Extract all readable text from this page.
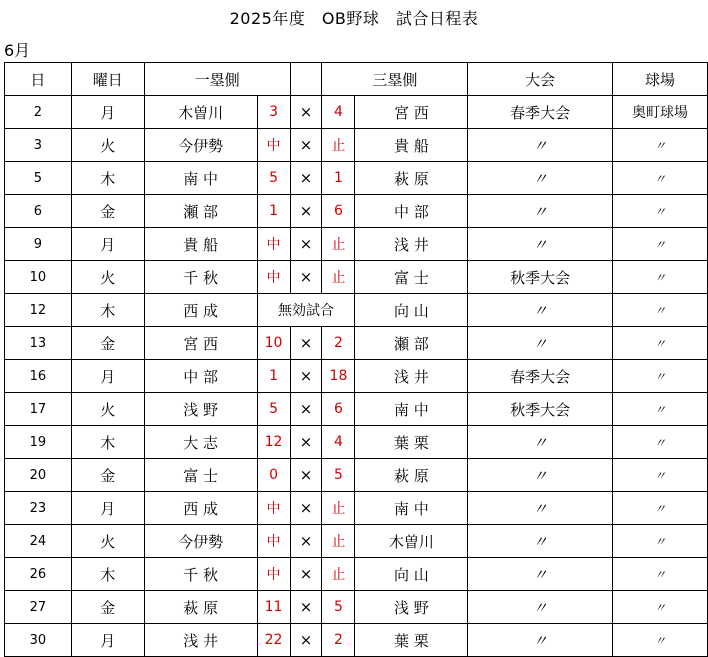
2025年度　OB野球　試合日程表
6月
日	曜日	一塁側			三塁側		大会	球場
2	月	木曽川	3	×	4	宮 西	春季大会	奥町球場
3	火	今伊勢	中	×	止	貴 船	〃	〃
5	木	南 中	5	×	1	萩 原	〃	〃
6	金	瀬 部	1	×	6	中 部	〃	〃
9	月	貴 船	中	×	止	浅 井	〃	〃
10	火	千 秋	中	×	止	富 士	秋季大会	〃
12	木	西 成	無効試合			向 山	〃	〃
13	金	宮 西	10	×	2	瀬 部	〃	〃
16	月	中 部	1	×	18	浅 井	春季大会	〃
17	火	浅 野	5	×	6	南 中	秋季大会	〃
19	木	大 志	12	×	4	葉 栗	〃	〃
20	金	富 士	0	×	5	萩 原	〃	〃
23	月	西 成	中	×	止	南 中	〃	〃
24	火	今伊勢	中	×	止	木曽川	〃	〃
26	木	千 秋	中	×	止	向 山	〃	〃
27	金	萩 原	11	×	5	浅 野	〃	〃
30	月	浅 井	22	×	2	葉 栗	〃	〃
